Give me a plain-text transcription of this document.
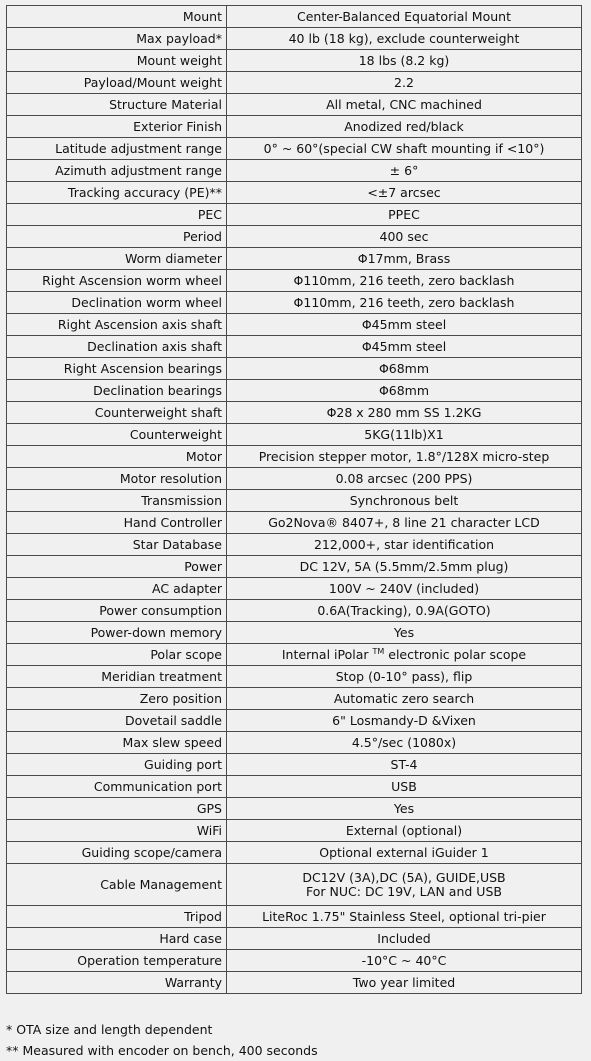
Mount	Center-Balanced Equatorial Mount
Max payload*	40 lb (18 kg), exclude counterweight
Mount weight	18 lbs (8.2 kg)
Payload/Mount weight	2.2
Structure Material	All metal, CNC machined
Exterior Finish	Anodized red/black
Latitude adjustment range	0° ~ 60°(special CW shaft mounting if <10°)
Azimuth adjustment range	± 6°
Tracking accuracy (PE)**	<±7 arcsec
PEC	PPEC
Period	400 sec
Worm diameter	Φ17mm, Brass
Right Ascension worm wheel	Φ110mm, 216 teeth, zero backlash
Declination worm wheel	Φ110mm, 216 teeth, zero backlash
Right Ascension axis shaft	Φ45mm steel
Declination axis shaft	Φ45mm steel
Right Ascension bearings	Φ68mm
Declination bearings	Φ68mm
Counterweight shaft	Φ28 x 280 mm SS 1.2KG
Counterweight	5KG(11lb)X1
Motor	Precision stepper motor, 1.8°/128X micro-step
Motor resolution	0.08 arcsec (200 PPS)
Transmission	Synchronous belt
Hand Controller	Go2Nova® 8407+, 8 line 21 character LCD
Star Database	212,000+, star identification
Power	DC 12V, 5A (5.5mm/2.5mm plug)
AC adapter	100V ~ 240V (included)
Power consumption	0.6A(Tracking), 0.9A(GOTO)
Power-down memory	Yes
Polar scope	Internal iPolar ™ electronic polar scope
Meridian treatment	Stop (0-10° pass), flip
Zero position	Automatic zero search
Dovetail saddle	6" Losmandy-D &Vixen
Max slew speed	4.5°/sec (1080x)
Guiding port	ST-4
Communication port	USB
GPS	Yes
WiFi	External (optional)
Guiding scope/camera	Optional external iGuider 1
Cable Management	DC12V (3A),DC (5A), GUIDE,USB
For NUC: DC 19V, LAN and USB

Tripod	LiteRoc 1.75" Stainless Steel, optional tri-pier
Hard case	Included
Operation temperature	-10°C ~ 40°C
Warranty	Two year limited
* OTA size and length dependent
** Measured with encoder on bench, 400 seconds
